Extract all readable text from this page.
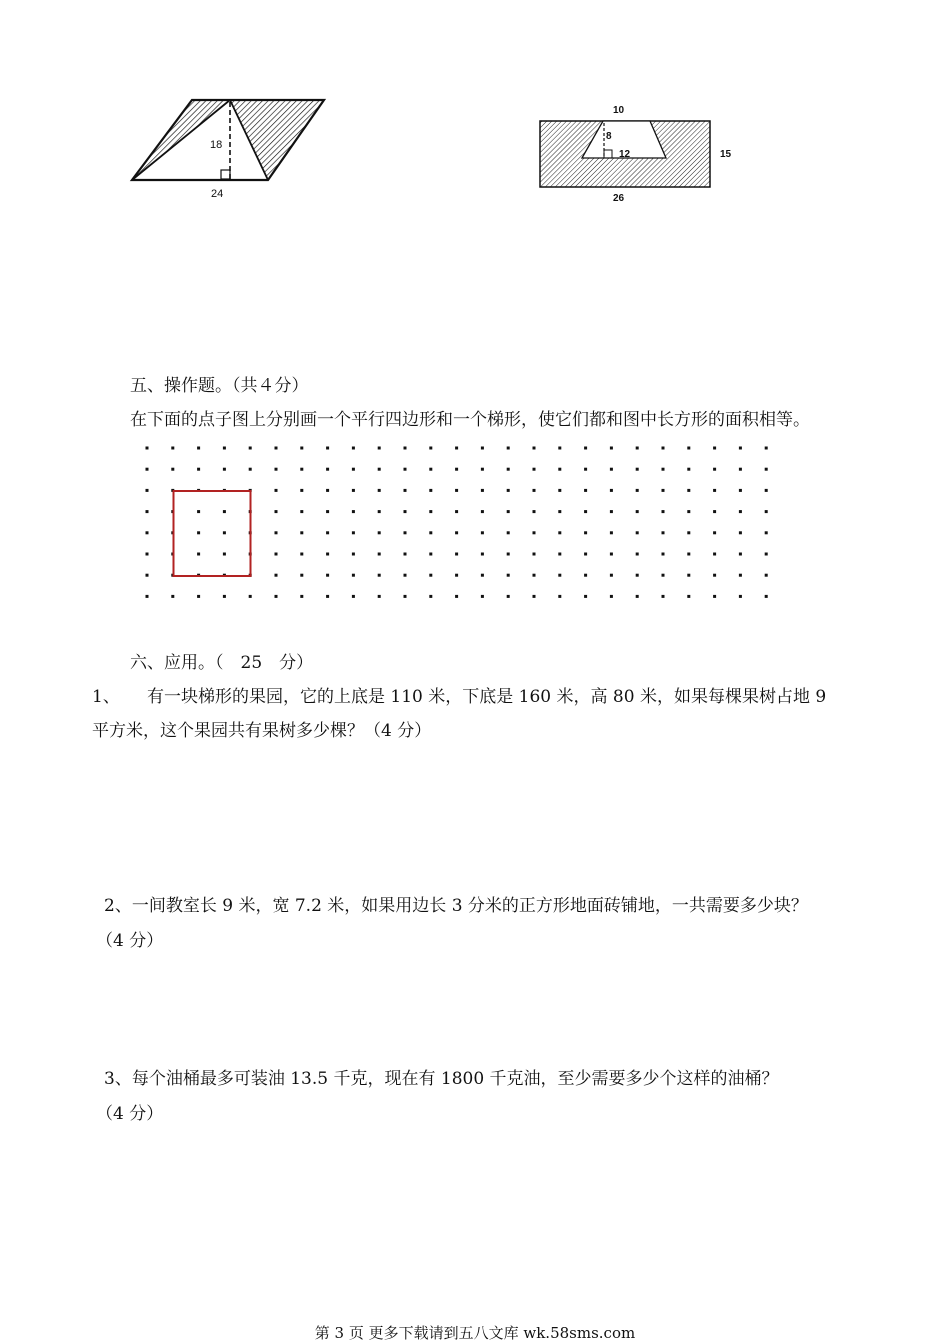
18
24
10
8
12	15
26
五、操作题。（共４分）
在下面的点子图上分别画一个平行四边形和一个梯形，使它们都和图中长方形的面积相等。
六、应用。（　25　分）
1、 有一块梯形的果园，它的上底是 110 米，下底是 160 米，高 80 米，如果每棵果树占地 9
平方米，这个果园共有果树多少棵？（4 分）
2、一间教室长 9 米，宽 7.2 米，如果用边长 3 分米的正方形地面砖铺地，一共需要多少块？
（4 分）
3、每个油桶最多可装油 13.5 千克，现在有 1800 千克油，至少需要多少个这样的油桶？
（4 分）
第 3 页 更多下载请到五八文库 wk.58sms.com
